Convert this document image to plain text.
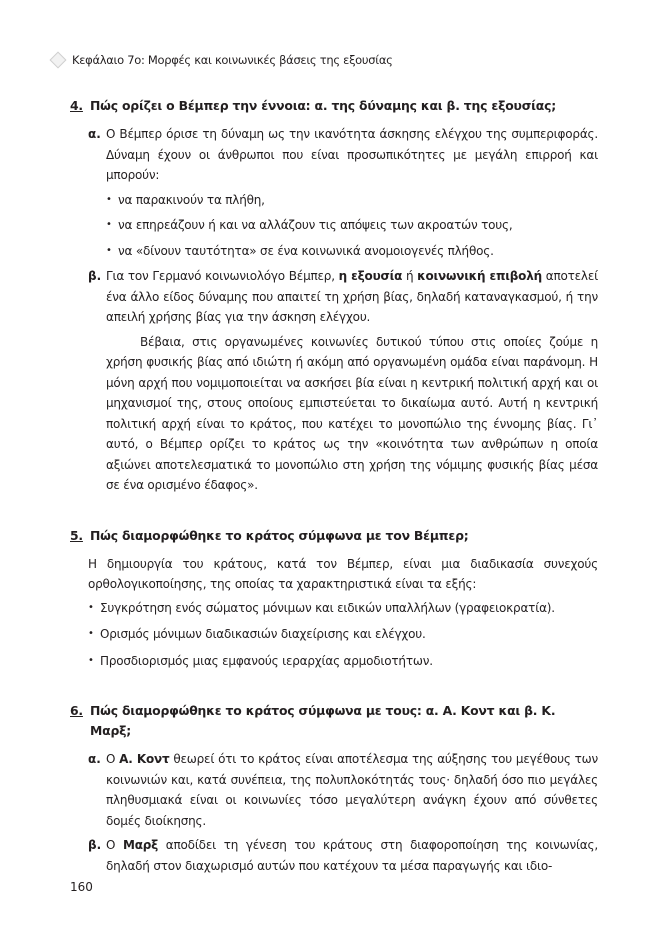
Κεφάλαιο 7ο: Μορφές και κοινωνικές βάσεις της εξουσίας
4. Πώς ορίζει ο Βέμπερ την έννοια: α. της δύναμης και β. της εξουσίας;
α. Ο Βέμπερ όρισε τη δύναμη ως την ικανότητα άσκησης ελέγχου της συμπεριφοράς. Δύναμη έχουν οι άνθρωποι που είναι προσωπικότητες με μεγάλη επιρροή και μπορούν:

• να παρακινούν τα πλήθη,
• να επηρεάζουν ή και να αλλάζουν τις απόψεις των ακροατών τους,
• να «δίνουν ταυτότητα» σε ένα κοινωνικά ανομοιογενές πλήθος.
β. Για τον Γερμανό κοινωνιολόγο Βέμπερ, η εξουσία ή κοινωνική επιβολή αποτελεί ένα άλλο είδος δύναμης που απαιτεί τη χρήση βίας, δηλαδή καταναγκασμού, ή την απειλή χρήσης βίας για την άσκηση ελέγχου.

Βέβαια, στις οργανωμένες κοινωνίες δυτικού τύπου στις οποίες ζούμε η χρήση φυσικής βίας από ιδιώτη ή ακόμη από οργανωμένη ομάδα είναι παράνομη. Η μόνη αρχή που νομιμοποιείται να ασκήσει βία είναι η κεντρική πολιτική αρχή και οι μηχανισμοί της, στους οποίους εμπιστεύεται το δικαίωμα αυτό. Αυτή η κεντρική πολιτική αρχή είναι το κράτος, που κατέχει το μονοπώλιο της έννομης βίας. Γι᾽ αυτό, ο Βέμπερ ορίζει το κράτος ως την «κοινότητα των ανθρώπων η οποία αξιώνει αποτελεσματικά το μονοπώλιο στη χρήση της νόμιμης φυσικής βίας μέσα σε ένα ορισμένο έδαφος».

5. Πώς διαμορφώθηκε το κράτος σύμφωνα με τον Βέμπερ;

Η δημιουργία του κράτους, κατά τον Βέμπερ, είναι μια διαδικασία συνεχούς ορθολογικοποίησης, της οποίας τα χαρακτηριστικά είναι τα εξής:

• Συγκρότηση ενός σώματος μόνιμων και ειδικών υπαλλήλων (γραφειοκρατία).
• Ορισμός μόνιμων διαδικασιών διαχείρισης και ελέγχου.
• Προσδιορισμός μιας εμφανούς ιεραρχίας αρμοδιοτήτων.
6. Πώς διαμορφώθηκε το κράτος σύμφωνα με τους: α. Α. Κοντ και β. Κ. Μαρξ;
α. Ο Α. Κοντ θεωρεί ότι το κράτος είναι αποτέλεσμα της αύξησης του μεγέθους των κοινωνιών και, κατά συνέπεια, της πολυπλοκότητάς τους· δηλαδή όσο πιο μεγάλες πληθυσμιακά είναι οι κοινωνίες τόσο μεγαλύτερη ανάγκη έχουν από σύνθετες δομές διοίκησης.

β. Ο Μαρξ αποδίδει τη γένεση του κράτους στη διαφοροποίηση της κοινωνίας, δηλαδή στον διαχωρισμό αυτών που κατέχουν τα μέσα παραγωγής και ιδιο-

160
